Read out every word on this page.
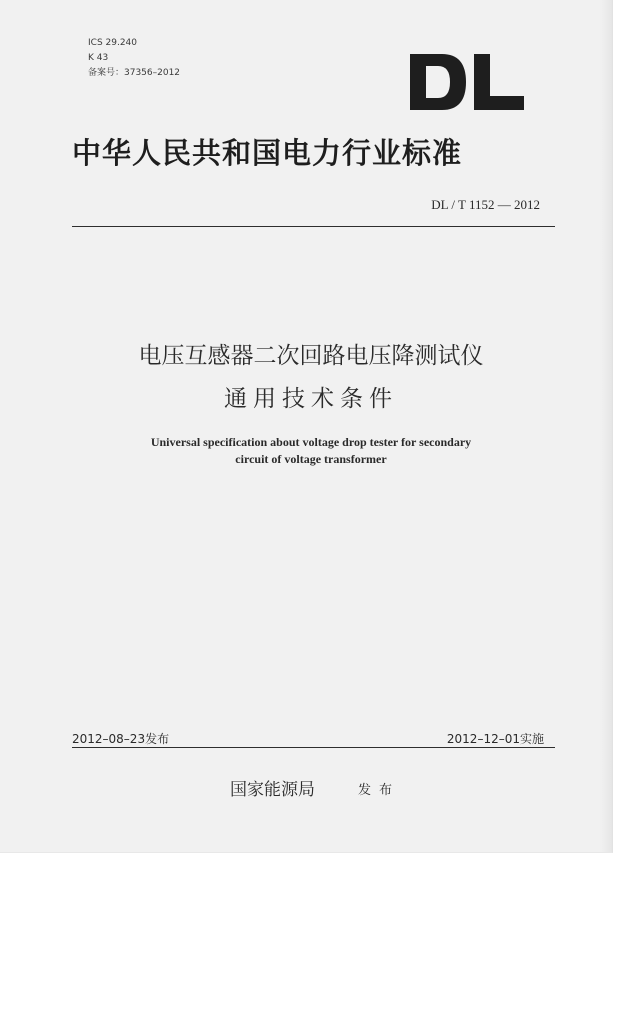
ICS 29.240
K 43
备案号：37356–2012
中华人民共和国电力行业标准
DL / T 1152 — 2012
电压互感器二次回路电压降测试仪
通用技术条件
Universal specification about voltage drop tester for secondary
circuit of voltage transformer
2012–08–23发布	2012–12–01实施
国家能源局	发布
